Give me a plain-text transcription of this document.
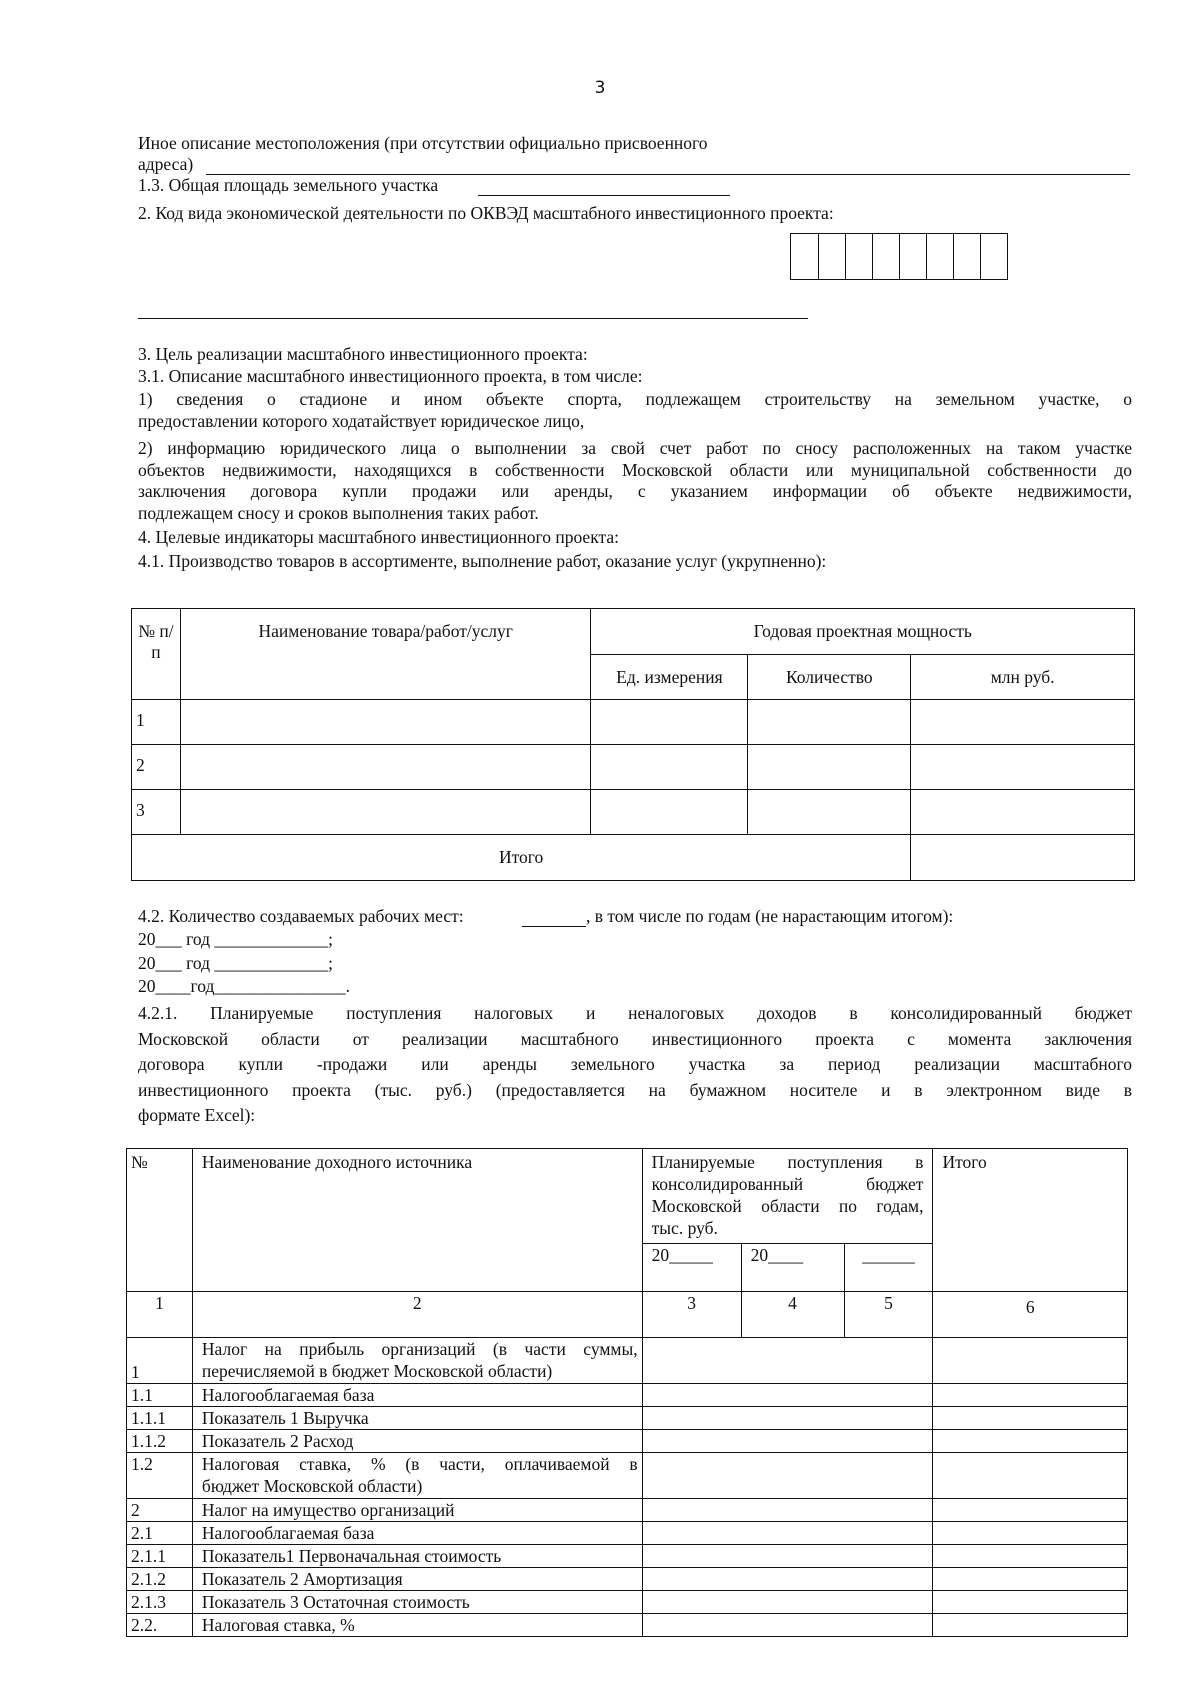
3
Иное описание местоположения (при отсутствии официально присвоенного
адреса)
1.3. Общая площадь земельного участка
2. Код вида экономической деятельности по ОКВЭД масштабного инвестиционного проекта:
3. Цель реализации масштабного инвестиционного проекта:
3.1. Описание масштабного инвестиционного проекта, в том числе:
1) сведения о стадионе и ином объекте спорта, подлежащем строительству на земельном участке, о
предоставлении которого ходатайствует юридическое лицо,
2) информацию юридического лица о выполнении за свой счет работ по сносу расположенных на таком участке
объектов недвижимости, находящихся в собственности Московской области или муниципальной собственности до
заключения договора купли продажи или аренды, с указанием информации об объекте недвижимости,
подлежащем сносу и сроков выполнения таких работ.
4. Целевые индикаторы масштабного инвестиционного проекта:
4.1. Производство товаров в ассортименте, выполнение работ, оказание услуг (укрупненно):
№ п/п	Наименование товара/работ/услуг	Годовая проектная мощность		
		Ед. измерения	Количество	млн руб.
1				
2				
3				
Итого				
4.2. Количество создаваемых рабочих мест:	, в том числе по годам (не нарастающим итогом):
20___ год _____________;
20___ год _____________;
20____год_______________.
4.2.1. Планируемые поступления налоговых и неналоговых доходов в консолидированный бюджет
Московской области от реализации масштабного инвестиционного проекта с момента заключения
договора купли -продажи или аренды земельного участка за период реализации масштабного
инвестиционного проекта (тыс. руб.) (предоставляется на бумажном носителе и в электронном виде в
формате Excel):
№	Наименование доходного источника	Планируемые поступления в
консолидированный бюджет
Московской области по годам,
тыс. руб.			Итого
		20_____	20____	______	
1	2	3	4	5	6
1	Налог на прибыль организаций (в части суммы,
перечисляемой в бюджет Московской области)				

1.1	Налогооблагаемая база				
1.1.1	Показатель 1 Выручка				
1.1.2	Показатель 2 Расход				
1.2	Налоговая ставка, % (в части, оплачиваемой в
бюджет Московской области)				

2	Налог на имущество организаций				
2.1	Налогооблагаемая база				
2.1.1	Показатель1 Первоначальная стоимость				
2.1.2	Показатель 2 Амортизация				
2.1.3	Показатель 3 Остаточная стоимость				
2.2.	Налоговая ставка, %				
